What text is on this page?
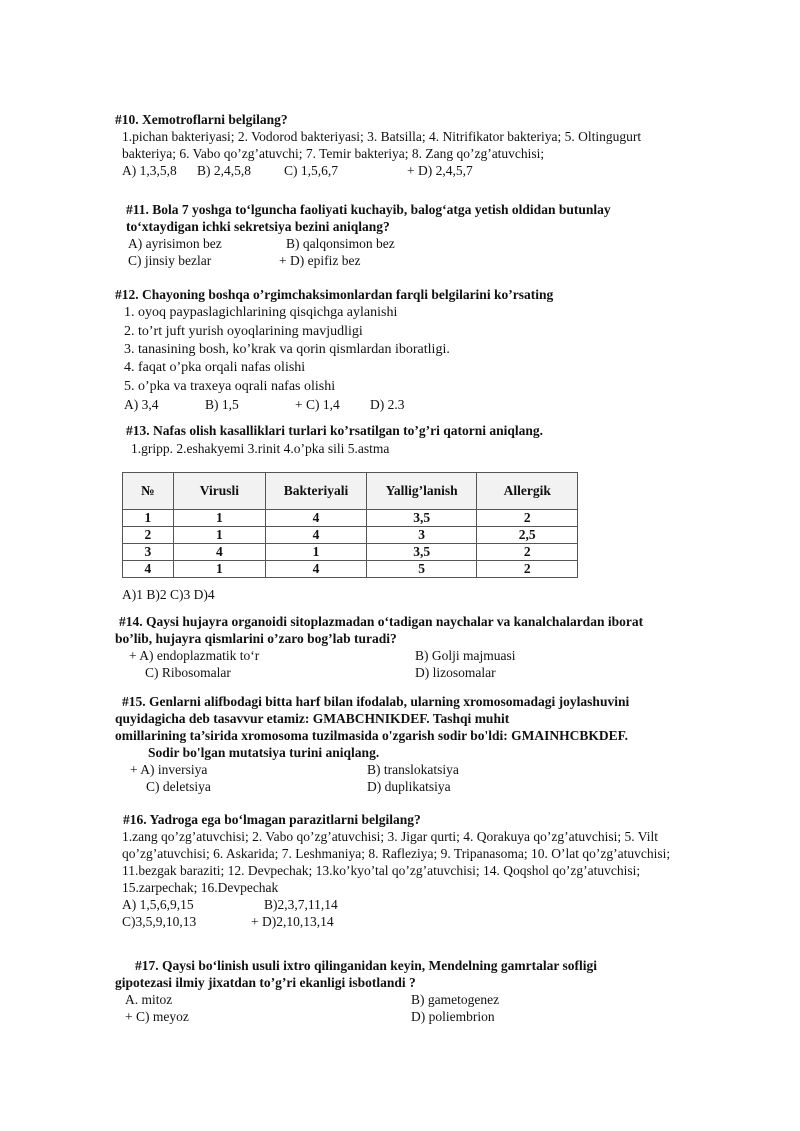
#10. Xemotroflarni belgilang?
1.pichan bakteriyasi; 2. Vodorod bakteriyasi; 3. Batsilla; 4. Nitrifikator bakteriya; 5. Oltingugurt
bakteriya; 6. Vabo qo’zg’atuvchi; 7. Temir bakteriya; 8. Zang qo’zg’atuvchisi;
A) 1,3,5,8 B) 2,4,5,8 C) 1,5,6,7	+ D) 2,4,5,7
#11. Bola 7 yoshga to‘lguncha faoliyati kuchayib, balog‘atga yetish oldidan butunlay
to‘xtaydigan ichki sekretsiya bezini aniqlang?
A) ayrisimon bez	B) qalqonsimon bez
C) jinsiy bezlar	+ D) epifiz bez
#12. Chayoning boshqa o’rgimchaksimonlardan farqli belgilarini ko’rsating
1. oyoq paypaslagichlarining qisqichga aylanishi
2. to’rt juft yurish oyoqlarining mavjudligi
3. tanasining bosh, ko’krak va qorin qismlardan iboratligi.
4. faqat o’pka orqali nafas olishi
5. o’pka va traxeya oqrali nafas olishi
A) 3,4	B) 1,5	+ C) 1,4 D) 2.3
#13. Nafas olish kasalliklari turlari ko’rsatilgan to’g’ri qatorni aniqlang.
1.gripp. 2.eshakyemi 3.rinit 4.o’pka sili 5.astma
№	Virusli	Bakteriyali	Yallig’lanish	Allergik
1	1	4	3,5	2
2	1	4	3	2,5
3	4	1	3,5	2
4	1	4	5	2
A)1 B)2 C)3 D)4
#14. Qaysi hujayra organoidi sitoplazmadan o‘tadigan naychalar va kanalchalardan iborat
bo’lib, hujayra qismlarini o’zaro bog’lab turadi?
+ A) endoplazmatik to‘r	B) Golji majmuasi
C) Ribosomalar	D) lizosomalar
#15. Genlarni alifbodagi bitta harf bilan ifodalab, ularning xromosomadagi joylashuvini
quyidagicha deb tasavvur etamiz: GMABCHNIKDEF. Tashqi muhit
omillarining ta’sirida xromosoma tuzilmasida o'zgarish sodir bo'ldi: GMAINHCBKDEF.
Sodir bo'lgan mutatsiya turini aniqlang.
+ A) inversiya	B) translokatsiya
C) deletsiya	D) duplikatsiya
#16. Yadroga ega bo‘lmagan parazitlarni belgilang?
1.zang qo’zg’atuvchisi; 2. Vabo qo’zg’atuvchisi; 3. Jigar qurti; 4. Qorakuya qo’zg’atuvchisi; 5. Vilt
qo’zg’atuvchisi; 6. Askarida; 7. Leshmaniya; 8. Rafleziya; 9. Tripanasoma; 10. O’lat qo’zg’atuvchisi;
11.bezgak baraziti; 12. Devpechak; 13.ko’kyo’tal qo’zg’atuvchisi; 14. Qoqshol qo’zg’atuvchisi;
15.zarpechak; 16.Devpechak
A) 1,5,6,9,15	B)2,3,7,11,14
C)3,5,9,10,13	+ D)2,10,13,14
#17. Qaysi bo‘linish usuli ixtro qilinganidan keyin, Mendelning gamrtalar sofligi
gipotezasi ilmiy jixatdan to’g’ri ekanligi isbotlandi ?
A. mitoz	B) gametogenez
+ C) meyoz	D) poliembrion
